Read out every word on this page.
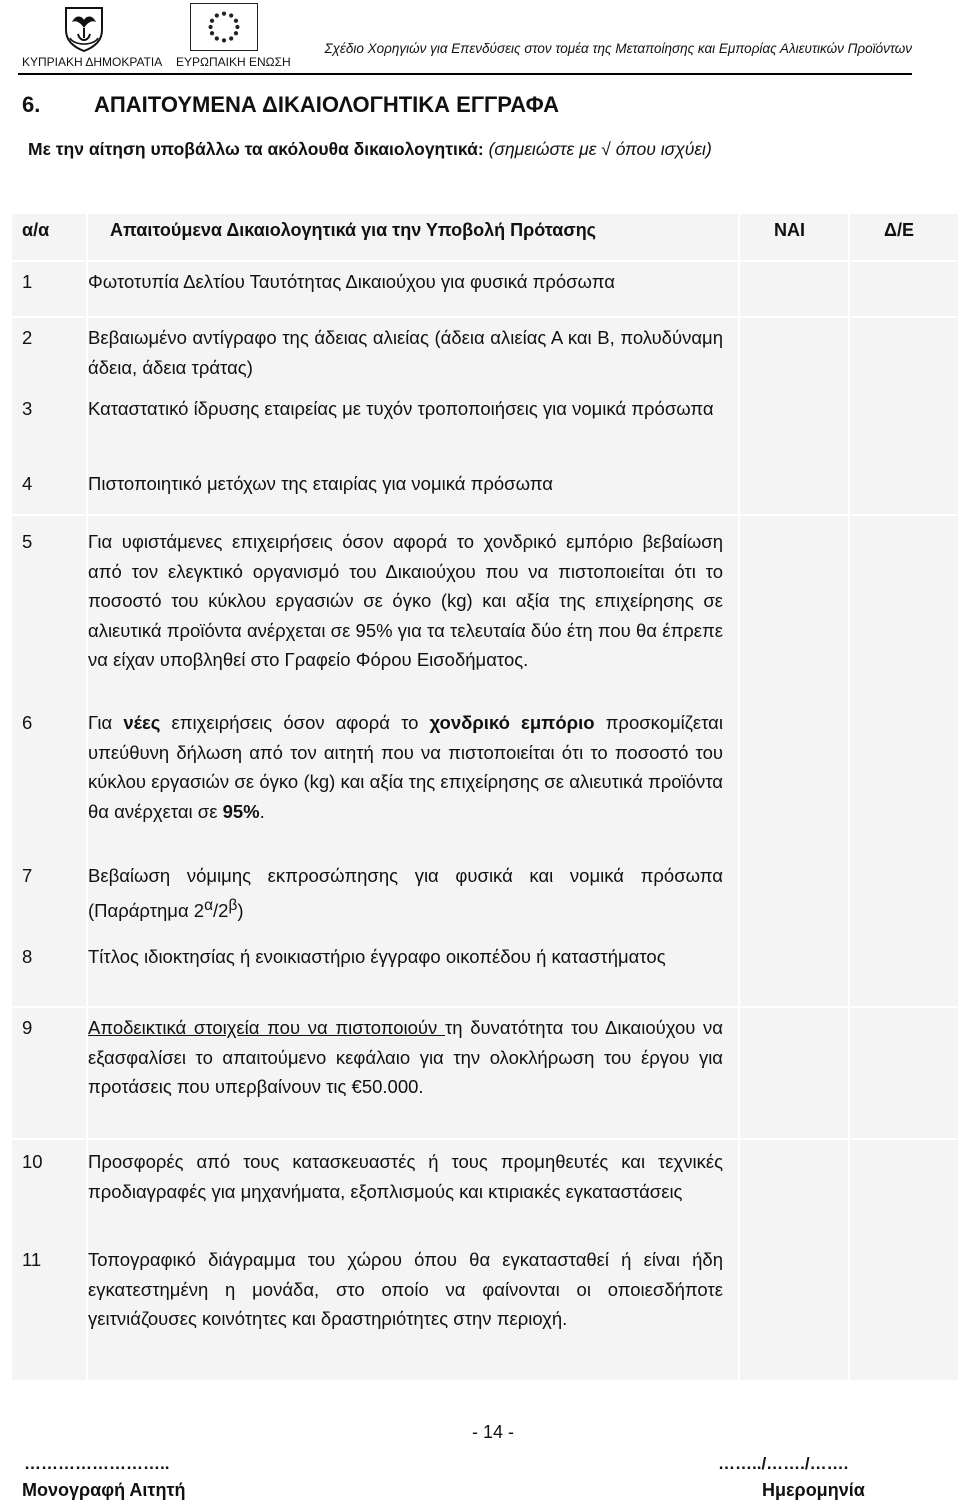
ΚΥΠΡΙΑΚΗ ΔΗΜΟΚΡΑΤΙΑ ΕΥΡΩΠΑΙΚΗ ΕΝΩΣΗ
Σχέδιο Χορηγιών για Επενδύσεις στον τομέα της Μεταποίησης και Εμπορίας Αλιευτικών Προϊόντων
6. ΑΠΑΙΤΟΥΜΕΝΑ ΔΙΚΑΙΟΛΟΓΗΤΙΚΑ ΕΓΓΡΑΦΑ
Με την αίτηση υποβάλλω τα ακόλουθα δικαιολογητικά: (σημειώστε με √ όπου ισχύει)
α/α	Απαιτούμενα Δικαιολογητικά για την Υποβολή Πρότασης	ΝΑΙ	Δ/Ε
1	Φωτοτυπία Δελτίου Ταυτότητας Δικαιούχου για φυσικά πρόσωπα
2	Βεβαιωμένο αντίγραφο της άδειας αλιείας (άδεια αλιείας Α και Β, πολυδύναμη άδεια, άδεια τράτας)
3	Καταστατικό ίδρυσης εταιρείας με τυχόν τροποποιήσεις για νομικά πρόσωπα
4	Πιστοποιητικό μετόχων της εταιρίας για νομικά πρόσωπα
5	Για υφιστάμενες επιχειρήσεις όσον αφορά το χονδρικό εμπόριο βεβαίωση από τον ελεγκτικό οργανισμό του Δικαιούχου που να πιστοποιείται ότι το ποσοστό του κύκλου εργασιών σε όγκο (kg) και αξία της επιχείρησης σε αλιευτικά προϊόντα ανέρχεται σε 95% για τα τελευταία δύο έτη που θα έπρεπε να είχαν υποβληθεί στο Γραφείο Φόρου Εισοδήματος.
6	Για νέες επιχειρήσεις όσον αφορά το χονδρικό εμπόριο προσκομίζεται υπεύθυνη δήλωση από τον αιτητή που να πιστοποιείται ότι το ποσοστό του κύκλου εργασιών σε όγκο (kg) και αξία της επιχείρησης σε αλιευτικά προϊόντα θα ανέρχεται σε 95%.
7	Βεβαίωση νόμιμης εκπροσώπησης για φυσικά και νομικά πρόσωπα (Παράρτημα $2^\alpha/2^\beta$)
8	Τίτλος ιδιοκτησίας ή ενοικιαστήριο έγγραφο οικοπέδου ή καταστήματος
9	Αποδεικτικά στοιχεία που να πιστοποιούν τη δυνατότητα του Δικαιούχου να εξασφαλίσει το απαιτούμενο κεφάλαιο για την ολοκλήρωση του έργου για προτάσεις που υπερβαίνουν τις €50.000.
10	Προσφορές από τους κατασκευαστές ή τους προμηθευτές και τεχνικές προδιαγραφές για μηχανήματα, εξοπλισμούς και κτιριακές εγκαταστάσεις
11	Τοπογραφικό διάγραμμα του χώρου όπου θα εγκατασταθεί ή είναι ήδη εγκατεστημένη η μονάδα, στο οποίο να φαίνονται οι οποιεσδήποτε γειτνιάζουσες κοινότητες και δραστηριότητες στην περιοχή.
- 14 -
……………………..	……../……./…….
Μονογραφή Αιτητή	Ημερομηνία
